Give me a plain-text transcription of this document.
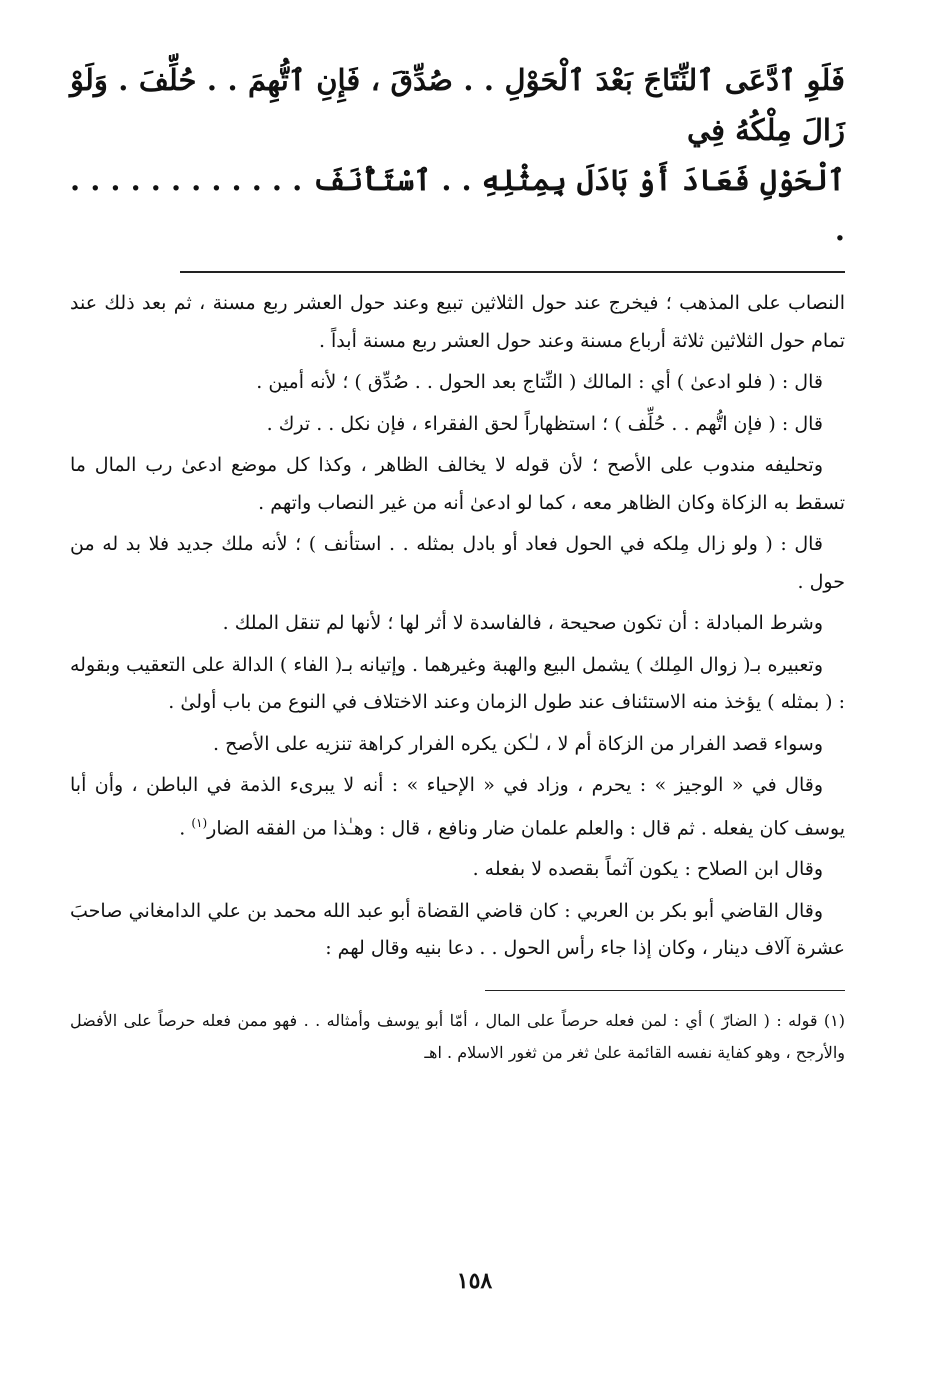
فَلَوِ ٱدَّعَى ٱلنِّتَاجَ بَعْدَ ٱلْحَوْلِ . . صُدِّقَ ، فَإِنِ ٱتُّهِمَ . . حُلِّفَ . وَلَوْ زَالَ مِلْكُهُ فِي

ٱلْحَوْلِ فَعَادَ أَوْ بَادَلَ بِمِثْلِهِ . . ٱسْتَأْنَفَ . . . . . . . . . . . . .

النصاب على المذهب ؛ فيخرج عند حول الثلاثين تبيع وعند حول العشر ربع مسنة ، ثم بعد ذلك عند تمام حول الثلاثين ثلاثة أرباع مسنة وعند حول العشر ربع مسنة أبداً .

قال : ( فلو ادعىٰ ) أي : المالك ( النِّتاج بعد الحول . . صُدِّق ) ؛ لأنه أمين .

قال : ( فإن اتُّهم . . حُلِّف ) ؛ استظهاراً لحق الفقراء ، فإن نكل . . ترك .

وتحليفه مندوب على الأصح ؛ لأن قوله لا يخالف الظاهر ، وكذا كل موضع ادعىٰ رب المال ما تسقط به الزكاة وكان الظاهر معه ، كما لو ادعىٰ أنه من غير النصاب واتهم .

قال : ( ولو زال مِلكه في الحول فعاد أو بادل بمثله . . استأنف ) ؛ لأنه ملك جديد فلا بد له من حول .

وشرط المبادلة : أن تكون صحيحة ، فالفاسدة لا أثر لها ؛ لأنها لم تنقل الملك .

وتعبيره بـ( زوال المِلك ) يشمل البيع والهبة وغيرهما . وإتيانه بـ( الفاء ) الدالة على التعقيب وبقوله : ( بمثله ) يؤخذ منه الاستئناف عند طول الزمان وعند الاختلاف في النوع من باب أولىٰ .

وسواء قصد الفرار من الزكاة أم لا ، لـٰكن يكره الفرار كراهة تنزيه على الأصح .

وقال في « الوجيز » : يحرم ، وزاد في « الإحياء » : أنه لا يبرىء الذمة في الباطن ، وأن أبا يوسف كان يفعله . ثم قال : والعلم علمان ضار ونافع ، قال : وهـٰذا من الفقه الضار$^{(١)}$ .

وقال ابن الصلاح : يكون آثماً بقصده لا بفعله .

وقال القاضي أبو بكر بن العربي : كان قاضي القضاة أبو عبد الله محمد بن علي الدامغاني صاحبَ عشرة آلاف دينار ، وكان إذا جاء رأس الحول . . دعا بنيه وقال لهم :

(١) قوله : ( الضارّ ) أي : لمن فعله حرصاً على المال ، أمّا أبو يوسف وأمثاله . . فهو ممن فعله حرصاً على الأفضل والأرجح ، وهو كفاية نفسه القائمة علىٰ ثغر من ثغور الاسلام . اهـ

١٥٨
